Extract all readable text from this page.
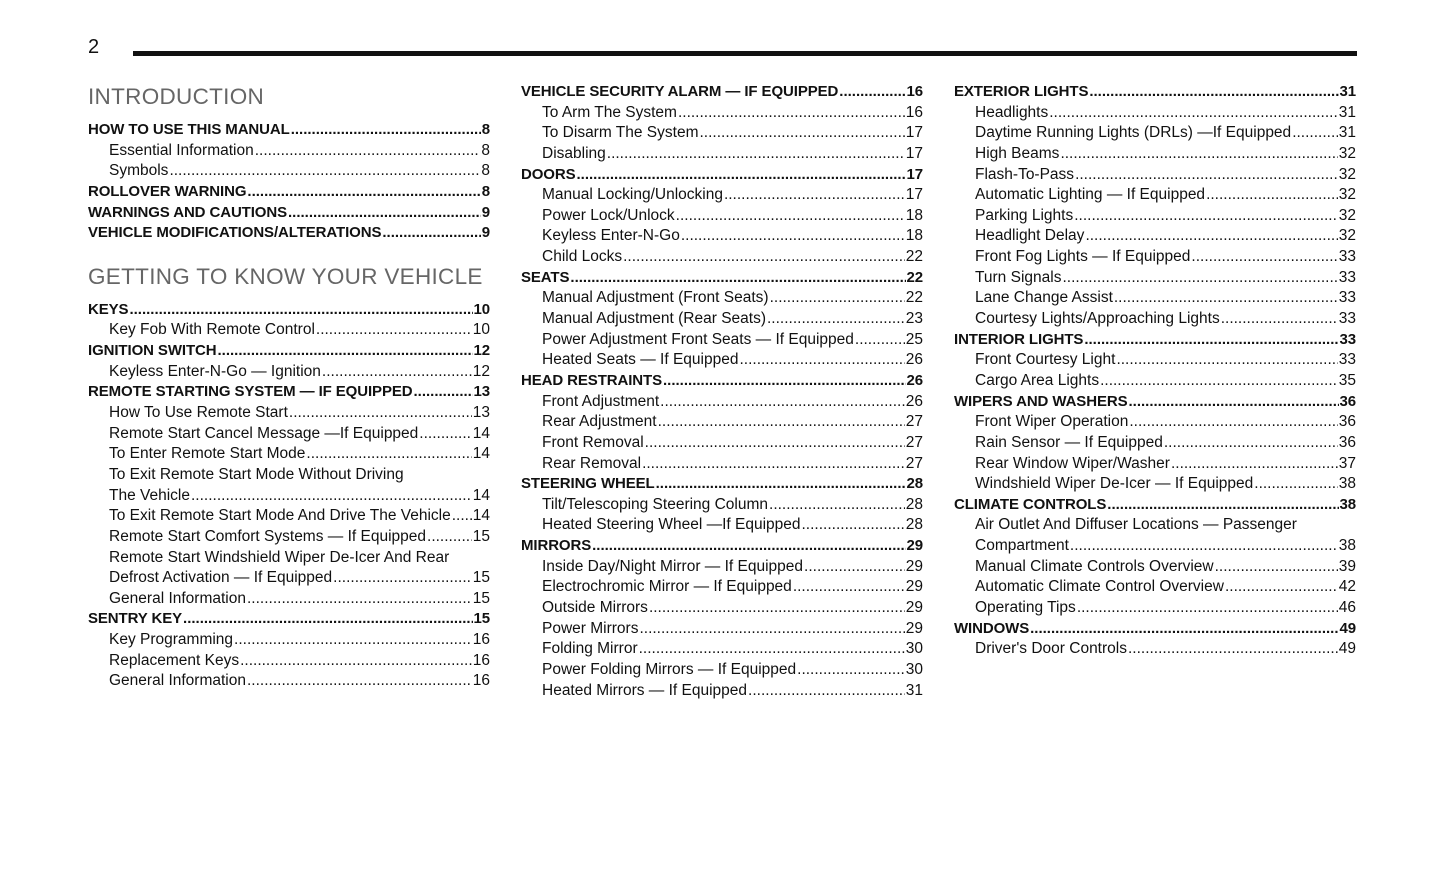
2
INTRODUCTION
HOW TO USE THIS MANUAL .....	8
Essential Information .....	8
Symbols .....	8
ROLLOVER WARNING .....	8
WARNINGS AND CAUTIONS .....	9
VEHICLE MODIFICATIONS/ALTERATIONS .....	9
GETTING TO KNOW YOUR VEHICLE
KEYS .....	10
Key Fob With Remote Control .....	10
IGNITION SWITCH .....	12
Keyless Enter-N-Go — Ignition .....	12
REMOTE STARTING SYSTEM — IF EQUIPPED .....	13
How To Use Remote Start .....	13
Remote Start Cancel Message —If Equipped .....	14
To Enter Remote Start Mode .....	14
To Exit Remote Start Mode Without Driving
The Vehicle .....	14
To Exit Remote Start Mode And Drive The Vehicle ..... 14
Remote Start Comfort Systems — If Equipped .....	15
Remote Start Windshield Wiper De-Icer And Rear
Defrost Activation — If Equipped .....	15
General Information .....	15
SENTRY KEY .....	15
Key Programming .....	16
Replacement Keys .....	16
General Information .....	16
VEHICLE SECURITY ALARM — IF EQUIPPED .....	16
To Arm The System .....	16
To Disarm The System .....	17
Disabling .....	17
DOORS .....	17
Manual Locking/Unlocking .....	17
Power Lock/Unlock .....	18
Keyless Enter-N-Go .....	18
Child Locks .....	22
SEATS .....	22
Manual Adjustment (Front Seats) .....	22
Manual Adjustment (Rear Seats) .....	23
Power Adjustment Front Seats — If Equipped .....	25
Heated Seats — If Equipped .....	26
HEAD RESTRAINTS .....	26
Front Adjustment .....	26
Rear Adjustment .....	27
Front Removal .....	27
Rear Removal .....	27
STEERING WHEEL .....	28
Tilt/Telescoping Steering Column .....	28
Heated Steering Wheel —If Equipped .....	28
MIRRORS .....	29
Inside Day/Night Mirror — If Equipped .....	29
Electrochromic Mirror — If Equipped .....	29
Outside Mirrors .....	29
Power Mirrors .....	29
Folding Mirror .....	30
Power Folding Mirrors — If Equipped .....	30
Heated Mirrors — If Equipped .....	31
EXTERIOR LIGHTS .....	31
Headlights .....	31
Daytime Running Lights (DRLs) —If Equipped .....	31
High Beams .....	32
Flash-To-Pass .....	32
Automatic Lighting — If Equipped .....	32
Parking Lights .....	32
Headlight Delay .....	32
Front Fog Lights — If Equipped .....	33
Turn Signals .....	33
Lane Change Assist .....	33
Courtesy Lights/Approaching Lights .....	33
INTERIOR LIGHTS .....	33
Front Courtesy Light .....	33
Cargo Area Lights .....	35
WIPERS AND WASHERS .....	36
Front Wiper Operation .....	36
Rain Sensor — If Equipped .....	36
Rear Window Wiper/Washer .....	37
Windshield Wiper De-Icer — If Equipped .....	38
CLIMATE CONTROLS .....	38
Air Outlet And Diffuser Locations — Passenger
Compartment .....	38
Manual Climate Controls Overview .....	39
Automatic Climate Control Overview .....	42
Operating Tips .....	46
WINDOWS .....	49
Driver's Door Controls .....	49
